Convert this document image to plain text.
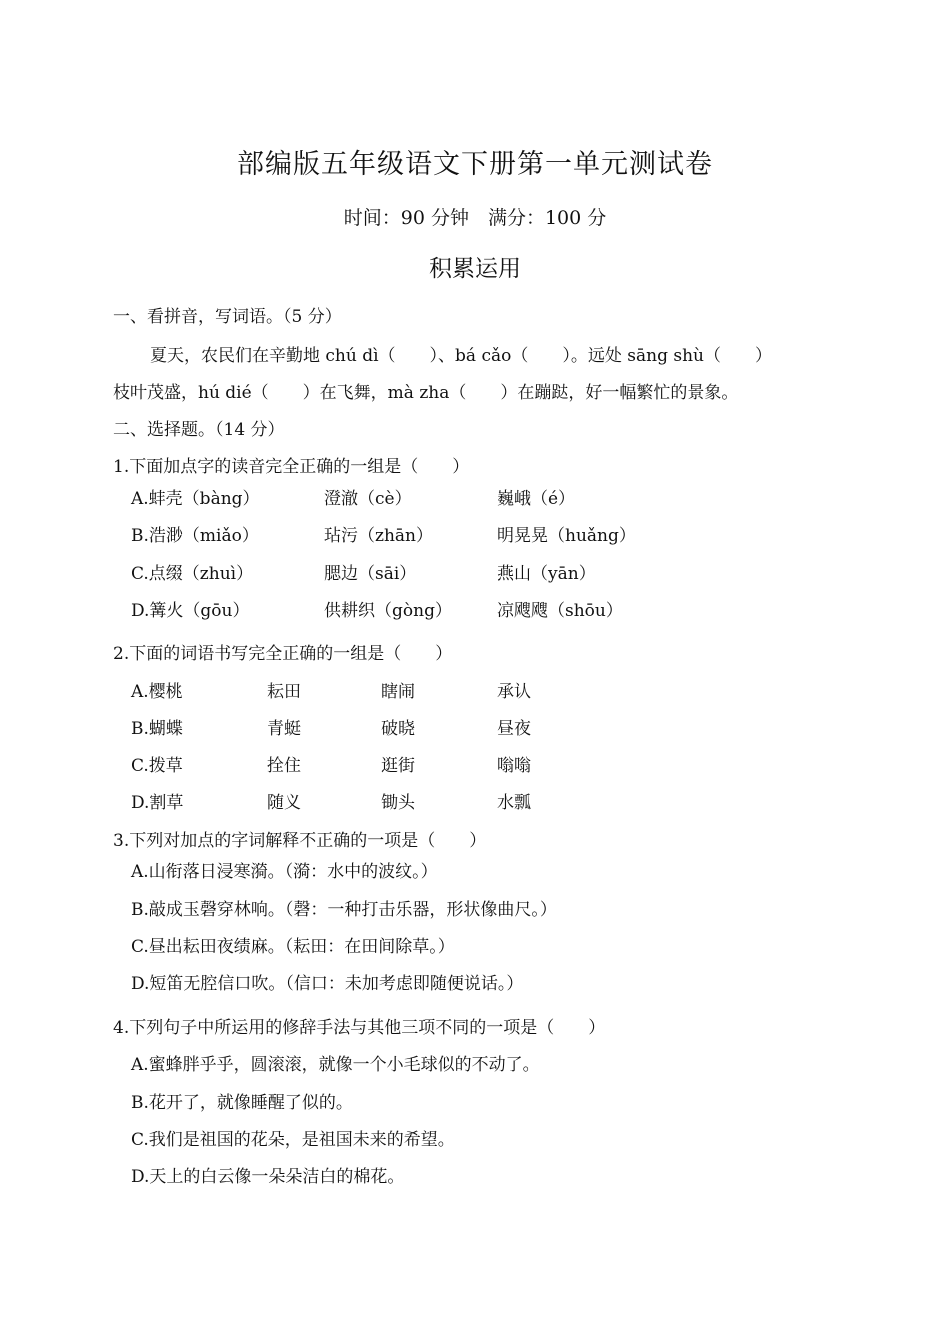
部编版五年级语文下册第一单元测试卷
时间：90 分钟　满分：100 分
积累运用
一、看拼音，写词语。（5 分）
夏天，农民们在辛勤地 chú dì（　　）、bá cǎo（　　）。远处 sāng shù（　　）
枝叶茂盛，hú dié（　　）在飞舞，mà zha（　　）在蹦跶，好一幅繁忙的景象。
二、选择题。（14 分）
1.下面加点字的读音完全正确的一组是（　　）
A.蚌壳（bàng）	澄澈（cè）	巍峨（é）
B.浩渺（miǎo）	玷污（zhān）	明晃晃（huǎng）
C.点缀（zhuì）	腮边（sāi）	燕山（yān）
D.篝火（gōu）	供耕织（gòng）	凉飕飕（shōu）
2.下面的词语书写完全正确的一组是（　　）
A.樱桃	耘田	瞎闹	承认
B.蝴蝶	青蜓	破晓	昼夜
C.拨草	拴住	逛街	嗡嗡
D.割草	随义	锄头	水瓢
3.下列对加点的字词解释不正确的一项是（　　）
A.山衔落日浸寒漪。（漪：水中的波纹。）
B.敲成玉磬穿林响。（磬：一种打击乐器，形状像曲尺。）
C.昼出耘田夜绩麻。（耘田：在田间除草。）
D.短笛无腔信口吹。（信口：未加考虑即随便说话。）
4.下列句子中所运用的修辞手法与其他三项不同的一项是（　　）
A.蜜蜂胖乎乎，圆滚滚，就像一个小毛球似的不动了。
B.花开了，就像睡醒了似的。
C.我们是祖国的花朵，是祖国未来的希望。
D.天上的白云像一朵朵洁白的棉花。
